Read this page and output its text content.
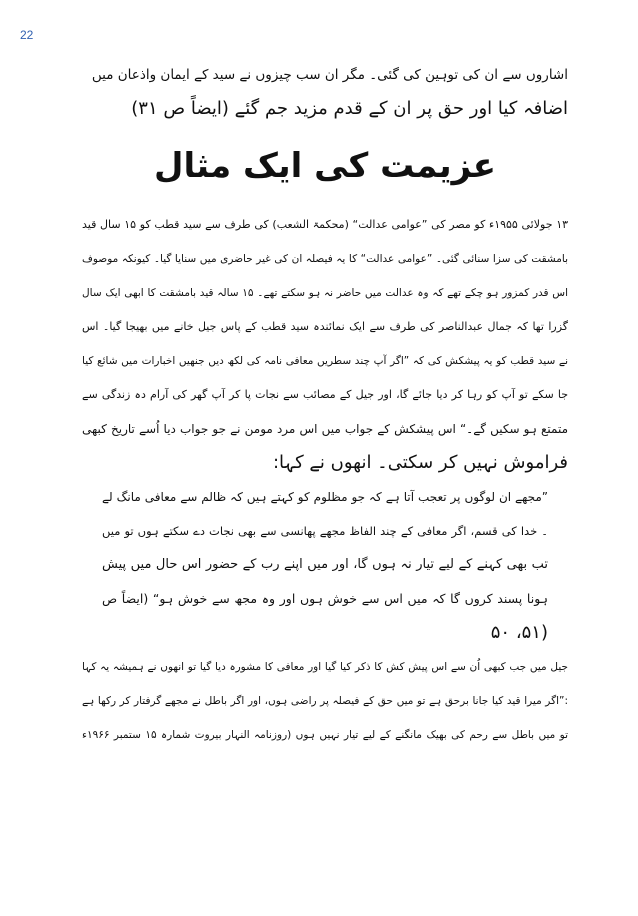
22
اشاروں سے ان کی توہین کی گئی۔ مگر ان سب چیزوں نے سید کے ایمان واذعان میں
اضافہ کیا اور حق پر ان کے قدم مزید جم گئے (ایضاً ص ۳۱)
عزیمت کی ایک مثال
۱۳ جولائی ۱۹۵۵ء کو مصر کی ”عوامی عدالت“ (محکمۃ الشعب) کی طرف سے سید قطب کو ۱۵ سال قید
بامشقت کی سزا سنائی گئی۔ ”عوامی عدالت“ کا یہ فیصلہ ان کی غیر حاضری میں سنایا گیا۔ کیونکہ موصوف
اس قدر کمزور ہو چکے تھے کہ وہ عدالت میں حاضر نہ ہو سکتے تھے۔ ۱۵ سالہ قید بامشقت کا ابھی ایک سال
گزرا تھا کہ جمال عبدالناصر کی طرف سے ایک نمائندہ سید قطب کے پاس جیل خانے میں بھیجا گیا۔ اس
نے سید قطب کو یہ پیشکش کی کہ ”اگر آپ چند سطریں معافی نامہ کی لکھ دیں جنھیں اخبارات میں شائع کیا
جا سکے تو آپ کو رہا کر دیا جائے گا، اور جیل کے مصائب سے نجات پا کر آپ گھر کی آرام دہ زندگی سے
متمتع ہو سکیں گے۔“ اس پیشکش کے جواب میں اس مرد مومن نے جو جواب دیا اُسے تاریخ کبھی
فراموش نہیں کر سکتی۔ انھوں نے کہا:
”مجھے ان لوگوں پر تعجب آتا ہے کہ جو مظلوم کو کہتے ہیں کہ ظالم سے معافی مانگ لے
۔ خدا کی قسم، اگر معافی کے چند الفاظ مجھے پھانسی سے بھی نجات دے سکتے ہوں تو میں
تب بھی کہنے کے لیے تیار نہ ہوں گا، اور میں اپنے رب کے حضور اس حال میں پیش
ہونا پسند کروں گا کہ میں اس سے خوش ہوں اور وہ مجھ سے خوش ہو“ (ایضاً ص
(۵۱، ۵۰
جیل میں جب کبھی اُن سے اس پیش کش کا ذکر کیا گیا اور معافی کا مشورہ دیا گیا تو انھوں نے ہمیشہ یہ کہا
:”اگر میرا قید کیا جانا برحق ہے تو میں حق کے فیصلہ پر راضی ہوں، اور اگر باطل نے مجھے گرفتار کر رکھا ہے
تو میں باطل سے رحم کی بھیک مانگنے کے لیے تیار نہیں ہوں (روزنامہ النہار بیروت شمارہ ۱۵ ستمبر ۱۹۶۶ء
